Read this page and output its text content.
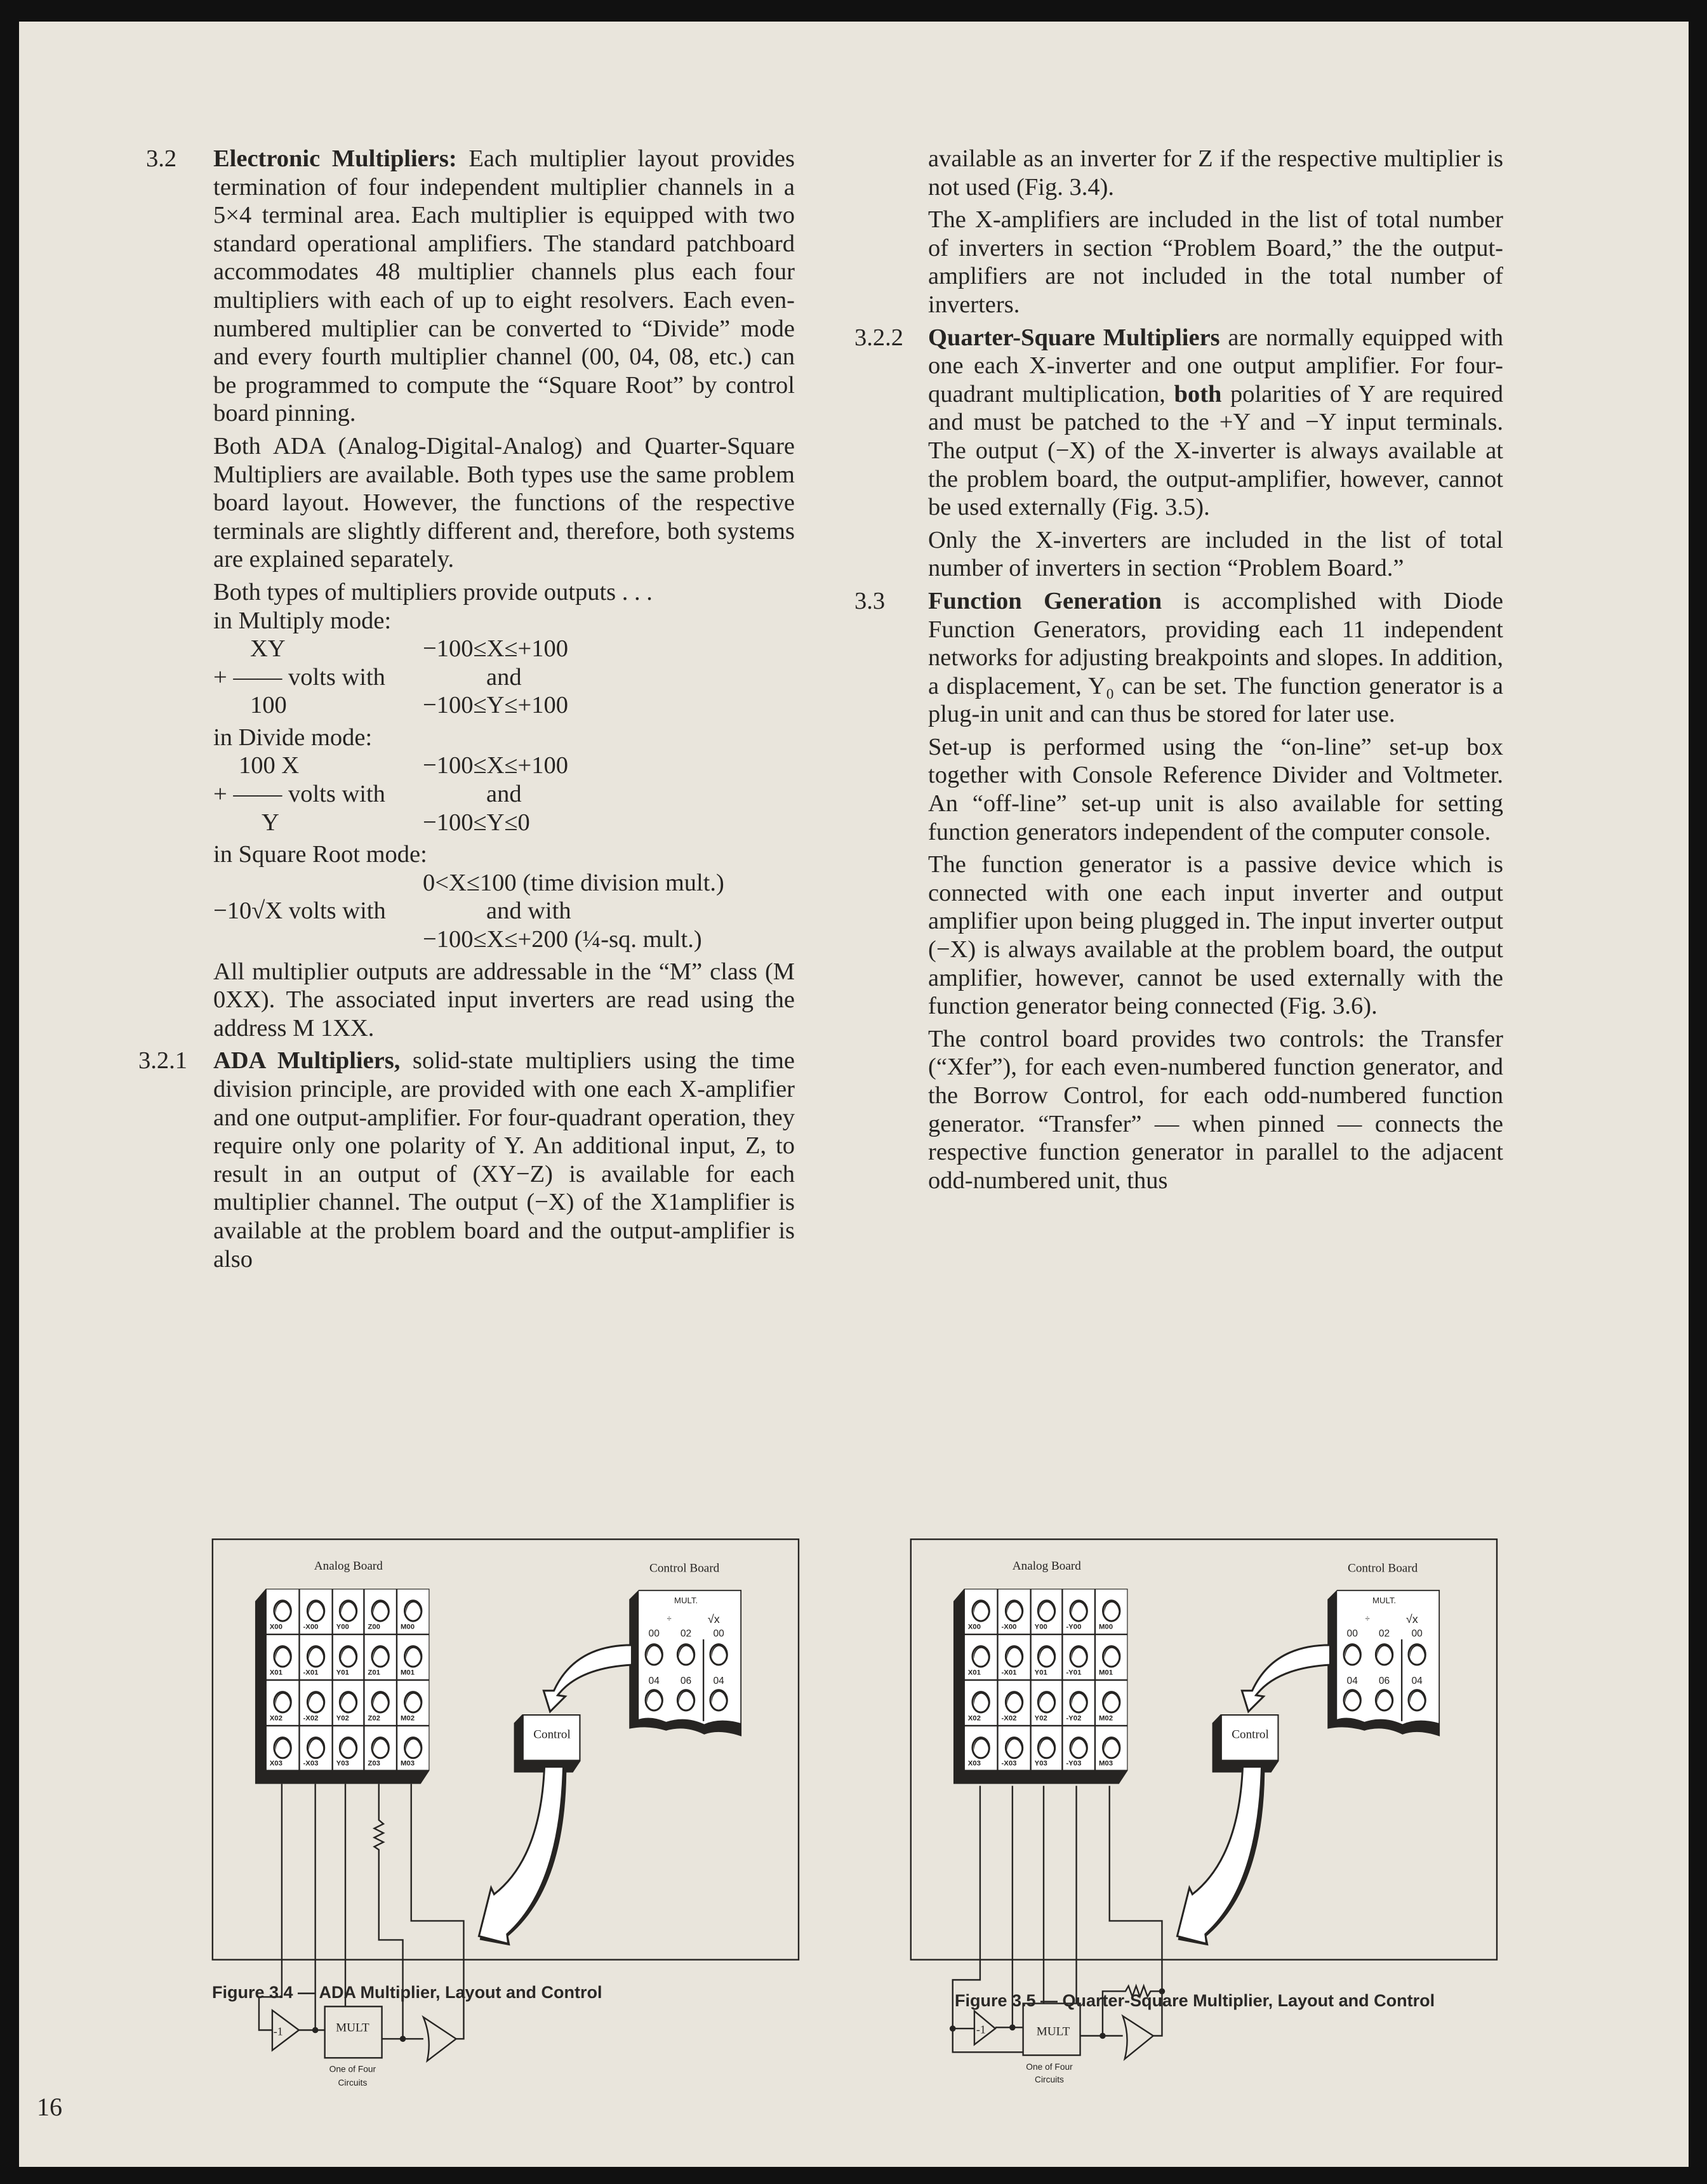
3.2 Electronic Multipliers: Each multiplier layout provides termination of four independent multiplier channels in a 5×4 terminal area. Each multiplier is equipped with two standard operational amplifiers. The standard patchboard accommodates 48 multiplier channels plus each four multipliers with each of up to eight resolvers. Each even-numbered multiplier can be converted to “Divide” mode and every fourth multiplier channel (00, 04, 08, etc.) can be programmed to compute the “Square Root” by control board pinning.

Both ADA (Analog-Digital-Analog) and Quarter-Square Multipliers are available. Both types use the same problem board layout. However, the functions of the respective terminals are slightly different and, therefore, both systems are explained separately.

Both types of multipliers provide outputs . . .

in Multiply mode:

XY	−100≤X≤+100
+ —— volts with	and
100	−100≤Y≤+100

in Divide mode:

100 X	−100≤X≤+100
+ —— volts with	and
Y	−100≤Y≤0

in Square Root mode:

0<X≤100 (time division mult.)
−10√X volts with	and with
−100≤X≤+200 (¼-sq. mult.)

All multiplier outputs are addressable in the “M” class (M 0XX). The associated input inverters are read using the address M 1XX.

3.2.1 ADA Multipliers, solid-state multipliers using the time division principle, are provided with one each X-amplifier and one output-amplifier. For four-quadrant operation, they require only one polarity of Y. An additional input, Z, to result in an output of (XY−Z) is available for each multiplier channel. The output (−X) of the X1amplifier is available at the problem board and the output-amplifier is also

available as an inverter for Z if the respective multiplier is not used (Fig. 3.4).

The X-amplifiers are included in the list of total number of inverters in section “Problem Board,” the the output-amplifiers are not included in the total number of inverters.

3.2.2 Quarter-Square Multipliers are normally equipped with one each X-inverter and one output amplifier. For four-quadrant multiplication, both polarities of Y are required and must be patched to the +Y and −Y input terminals. The output (−X) of the X-inverter is always available at the problem board, the output-amplifier, however, cannot be used externally (Fig. 3.5).

Only the X-inverters are included in the list of total number of inverters in section “Problem Board.”

3.3 Function Generation is accomplished with Diode Function Generators, providing each 11 independent networks for adjusting breakpoints and slopes. In addition, a displacement, Y₀ can be set. The function generator is a plug-in unit and can thus be stored for later use.

Set-up is performed using the “on-line” set-up box together with Console Reference Divider and Voltmeter. An “off-line” set-up unit is also available for setting function generators independent of the computer console.

The function generator is a passive device which is connected with one each input inverter and output amplifier upon being plugged in. The input inverter output (−X) is always available at the problem board, the output amplifier, however, cannot be used externally with the function generator being connected (Fig. 3.6).

The control board provides two controls: the Transfer (“Xfer”), for each even-numbered function generator, and the Borrow Control, for each odd-numbered function generator. “Transfer” — when pinned — connects the respective function generator in parallel to the adjacent odd-numbered unit, thus

Analog Board	Control Board
X00 -X00 Y00 Z00 M00
X01 -X01 Y01 Z01 M01
X02 -X02 Y02 Z02 M02
X03 -X03 Y03 Z03 M03
MULT.
÷ √x
00
04
02
06
00
04
Control
-1	MULT
One of Four
Circuits
Analog Board	Control Board
X00 -X00 Y00 -Y00 M00
X01 -X01 Y01 -Y01 M01
X02 -X02 Y02 -Y02 M02
X03 -X03 Y03 -Y03 M03
MULT.
÷ √x
00
04
02
06
00
04
Control
-1 MULT
One of Four
Circuits
Figure 3.4 — ADA Multiplier, Layout and Control	Figure 3.5 — Quarter-Square Multiplier, Layout and Control
16
